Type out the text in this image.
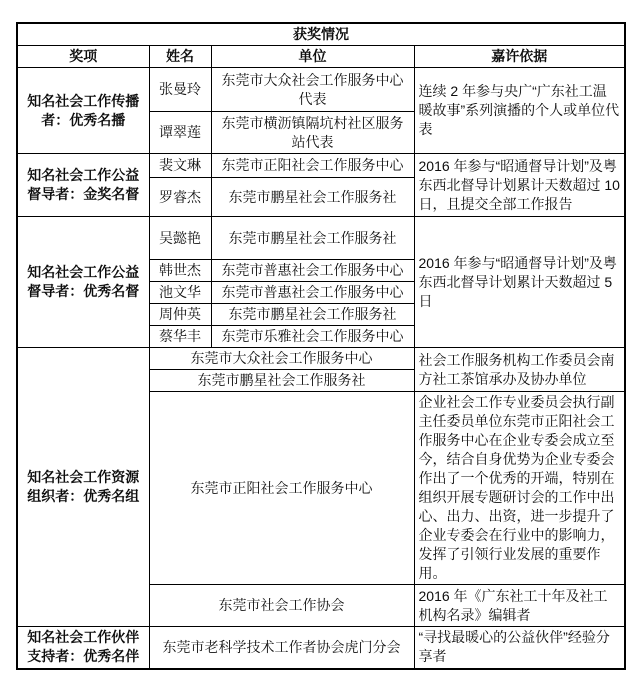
获奖情况			
奖项	姓名	单位	嘉许依据
知名社会工作传播者：优秀名播	张曼玲	东莞市大众社会工作服务中心代表	连续 2 年参与央广“广东社工温暖故事”系列演播的个人或单位代表
	谭翠莲	东莞市横沥镇隔坑村社区服务站代表	
知名社会工作公益督导者：金奖名督	裴文琳	东莞市正阳社会工作服务中心	2016 年参与“昭通督导计划”及粤东西北督导计划累计天数超过 10 日，且提交全部工作报告
	罗睿杰	东莞市鹏星社会工作服务社	
知名社会工作公益督导者：优秀名督	吴懿艳	东莞市鹏星社会工作服务社	2016 年参与“昭通督导计划”及粤东西北督导计划累计天数超过 5 日
	韩世杰	东莞市普惠社会工作服务中心	
	池文华	东莞市普惠社会工作服务中心	
	周仲英	东莞市鹏星社会工作服务社	
	蔡华丰	东莞市乐雅社会工作服务中心	
知名社会工作资源组织者：优秀名组	东莞市大众社会工作服务中心		社会工作服务机构工作委员会南方社工茶馆承办及协办单位
	东莞市鹏星社会工作服务社		
	东莞市正阳社会工作服务中心		企业社会工作专业委员会执行副主任委员单位东莞市正阳社会工作服务中心在企业专委会成立至今，结合自身优势为企业专委会作出了一个优秀的开端，特别在组织开展专题研讨会的工作中出心、出力、出资，进一步提升了企业专委会在行业中的影响力，发挥了引领行业发展的重要作用。
	东莞市社会工作协会		2016 年《广东社工十年及社工机构名录》编辑者
知名社会工作伙伴支持者：优秀名伴	东莞市老科学技术工作者协会虎门分会		“寻找最暖心的公益伙伴”经验分享者
